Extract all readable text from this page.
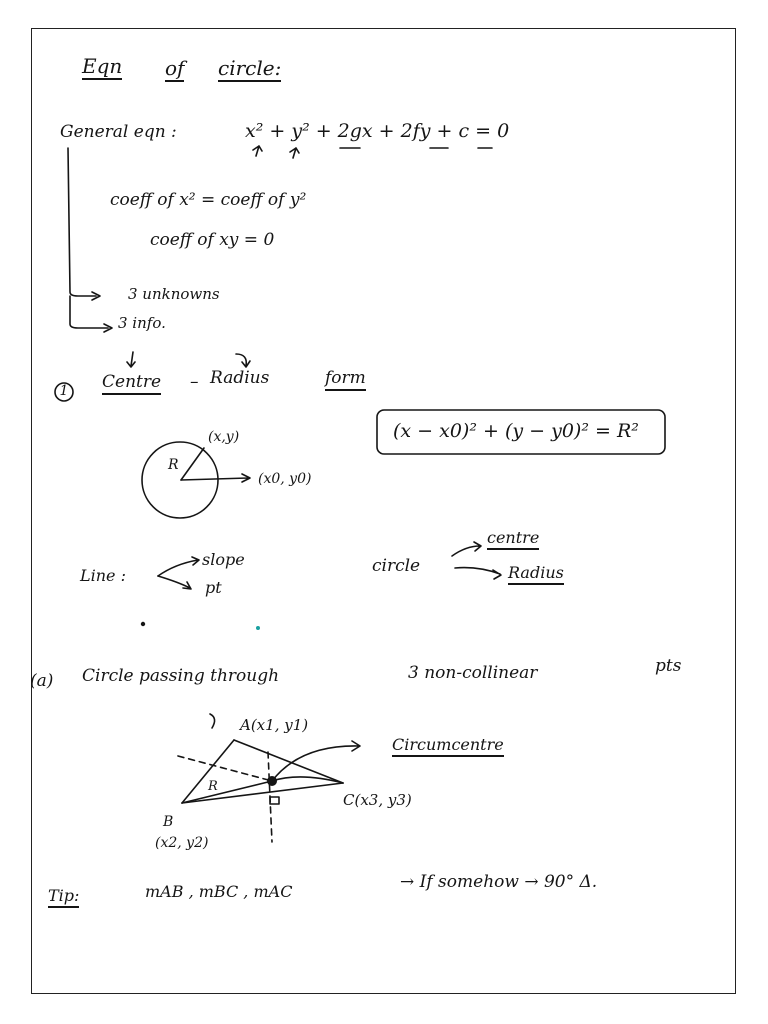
Eqn of circle:
General eqn :	x² + y² + 2gx + 2fy + c = 0
coeff of x² = coeff of y²
coeff of xy = 0
3 unknowns
3 info.
1 Centre – Radius	form
(x,y)
R
(x0, y0)
(x − x0)² + (y − y0)² = R²
Line :
slope
pt
circle
centre
Radius
(a) Circle passing through	3 non-collinear	pts
A(x1, y1)
Circumcentre
R
C(x3, y3)
B
(x2, y2)
Tip:	mAB , mBC , mAC	→ If somehow → 90° Δ.
